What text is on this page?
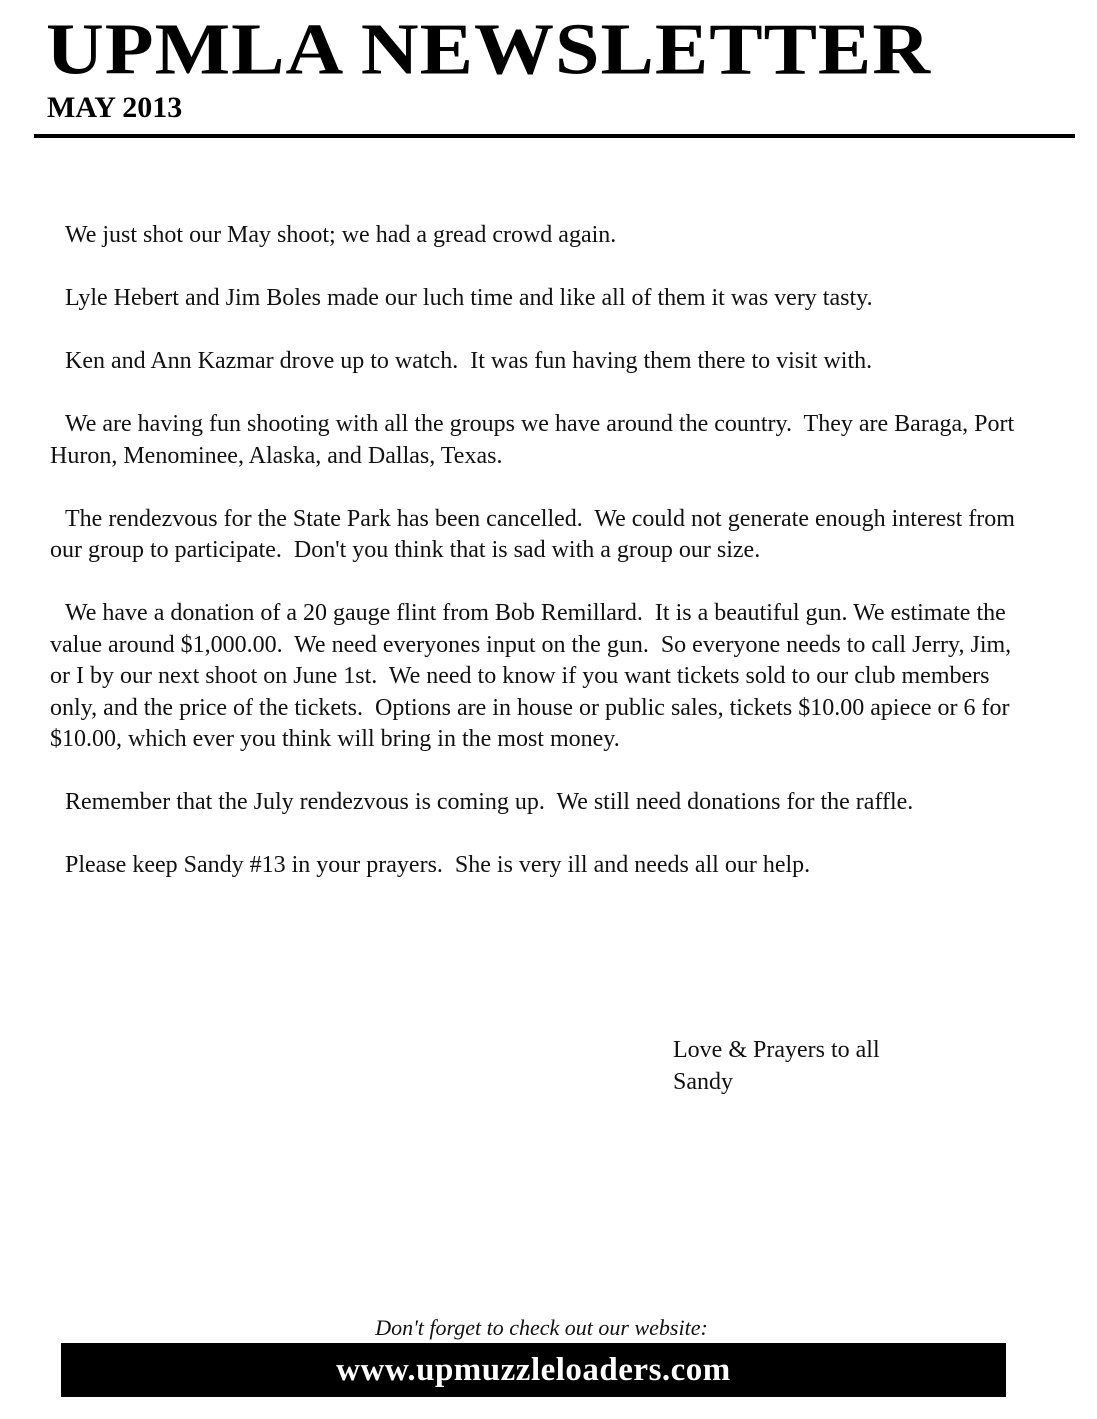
UPMLA NEWSLETTER
MAY 2013

We just shot our May shoot; we had a gread crowd again.

Lyle Hebert and Jim Boles made our luch time and like all of them it was very tasty.

Ken and Ann Kazmar drove up to watch.  It was fun having them there to visit with.

We are having fun shooting with all the groups we have around the country.  They are Baraga, Port Huron, Menominee, Alaska, and Dallas, Texas.

The rendezvous for the State Park has been cancelled.  We could not generate enough interest from our group to participate.  Don't you think that is sad with a group our size.

We have a donation of a 20 gauge flint from Bob Remillard.  It is a beautiful gun. We estimate the value around $1,000.00.  We need everyones input on the gun.  So everyone needs to call Jerry, Jim, or I by our next shoot on June 1st.  We need to know if you want tickets sold to our club members only, and the price of the tickets.  Options are in house or public sales, tickets $10.00 apiece or 6 for $10.00, which ever you think will bring in the most money.

Remember that the July rendezvous is coming up.  We still need donations for the raffle.

Please keep Sandy #13 in your prayers.  She is very ill and needs all our help.

Love & Prayers to all
Sandy
Don't forget to check out our website:
www.upmuzzleloaders.com
